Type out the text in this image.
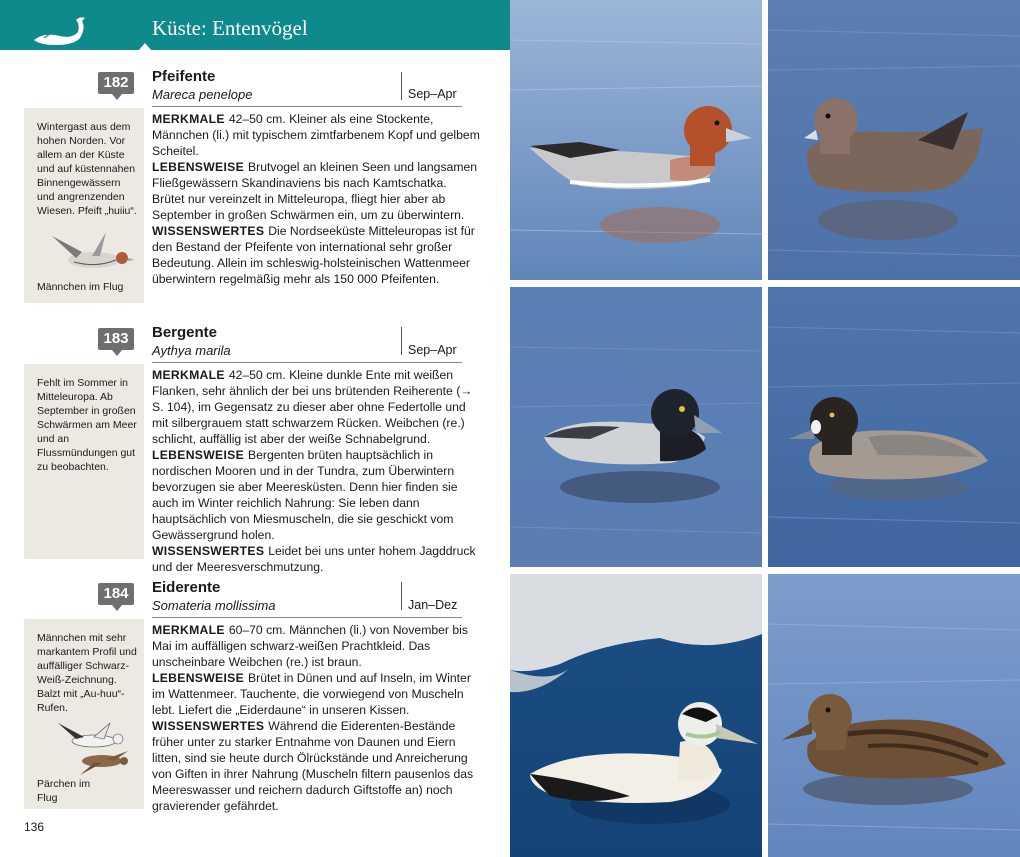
Küste: Entenvögel
182	Pfeifente
Mareca penelope	Sep–Apr

MERKMALE 42–50 cm. Kleiner als eine Stockente, Männchen (li.) mit typischem zimtfarbenem Kopf und gelbem Scheitel.

LEBENSWEISE Brutvogel an kleinen Seen und langsamen Fließgewässern Skandinaviens bis nach Kamtschatka. Brütet nur vereinzelt in Mitteleuropa, fliegt hier aber ab September in großen Schwärmen ein, um zu überwintern.

WISSENSWERTES Die Nordseeküste Mitteleuropas ist für den Bestand der Pfeifente von international sehr großer Bedeutung. Allein im schleswig-holsteinischen Wattenmeer überwintern regelmäßig mehr als 150 000 Pfeifenten.

Wintergast aus dem hohen Norden. Vor allem an der Küste und auf küstennahen Binnengewässern und angrenzenden Wiesen. Pfeift „huiiu“.
Männchen im Flug
183	Bergente
Aythya marila	Sep–Apr

MERKMALE 42–50 cm. Kleine dunkle Ente mit weißen Flanken, sehr ähnlich der bei uns brütenden Reiherente (→ S. 104), im Gegensatz zu dieser aber ohne Federtolle und mit silbergrauem statt schwarzem Rücken. Weibchen (re.) schlicht, auffällig ist aber der weiße Schnabelgrund.

LEBENSWEISE Bergenten brüten hauptsächlich in nordischen Mooren und in der Tundra, zum Überwintern bevorzugen sie aber Meeresküsten. Denn hier finden sie auch im Winter reichlich Nahrung: Sie leben dann hauptsächlich von Miesmuscheln, die sie geschickt vom Gewässergrund holen.

WISSENSWERTES Leidet bei uns unter hohem Jagddruck und der Meeresverschmutzung.

Fehlt im Sommer in Mitteleuropa. Ab September in großen Schwärmen am Meer und an Flussmündungen gut zu beobachten.
184	Eiderente
Somateria mollissima	Jan–Dez

MERKMALE 60–70 cm. Männchen (li.) von November bis Mai im auffälligen schwarz-weißen Prachtkleid. Das unscheinbare Weibchen (re.) ist braun.

LEBENSWEISE Brütet in Dünen und auf Inseln, im Winter im Wattenmeer. Tauchente, die vorwiegend von Muscheln lebt. Liefert die „Eiderdaune“ in unseren Kissen.

WISSENSWERTES Während die Eiderenten-Bestände früher unter zu starker Entnahme von Daunen und Eiern litten, sind sie heute durch Ölrückstände und Anreicherung von Giften in ihrer Nahrung (Muscheln filtern pausenlos das Meereswasser und reichern dadurch Giftstoffe an) noch gravierender gefährdet.

Männchen mit sehr markantem Profil und auffälliger Schwarz-Weiß-Zeichnung. Balzt mit „Au-huu“-Rufen.
Pärchen im Flug
136
